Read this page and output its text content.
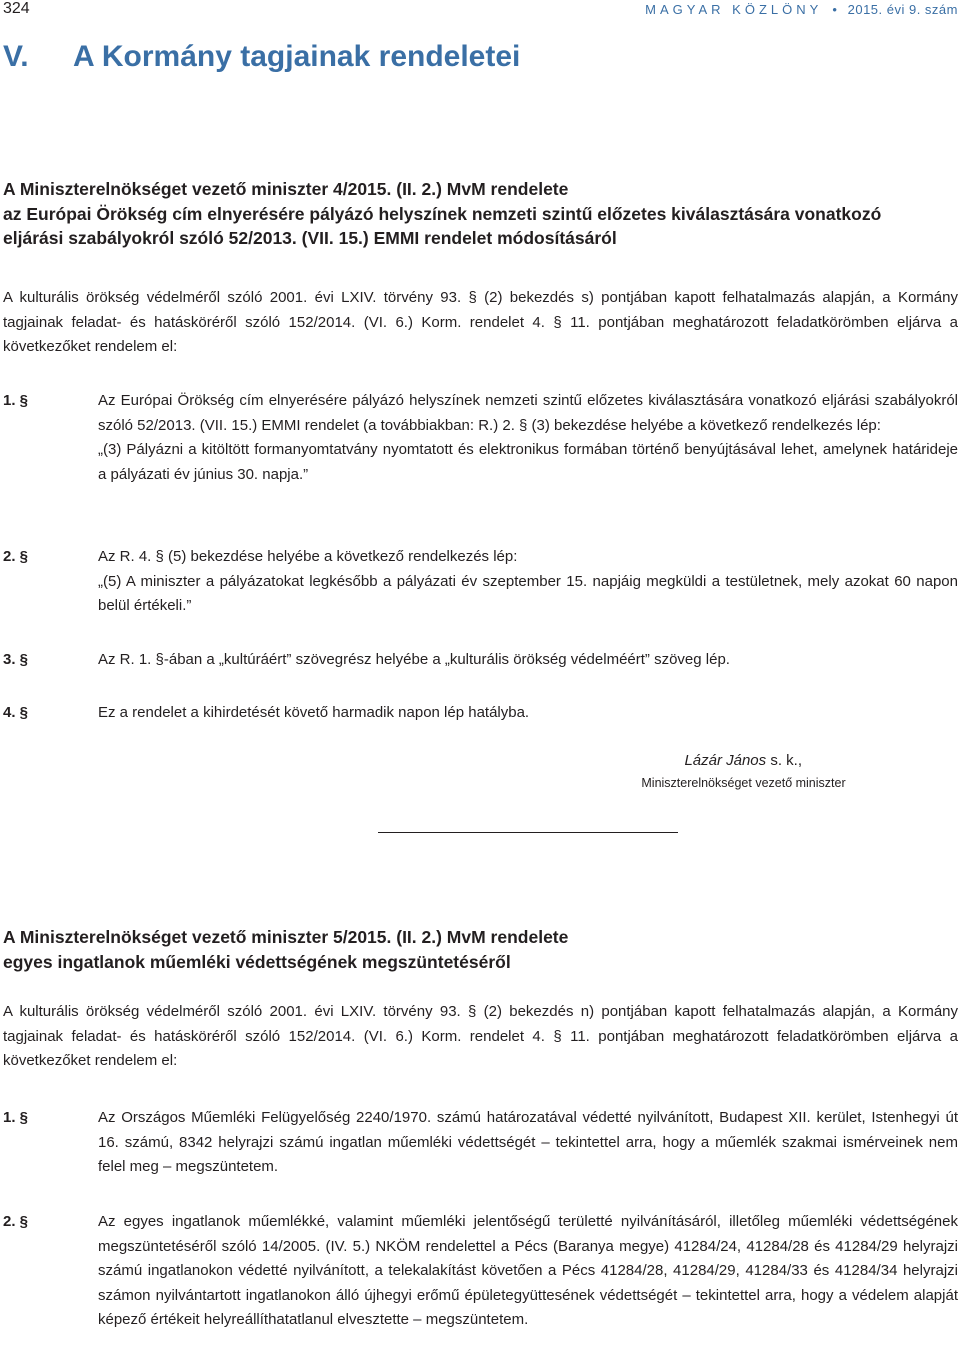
324	MAGYAR KÖZLÖNY • 2015. évi 9. szám
V. A Kormány tagjainak rendeletei
A Miniszterelnökséget vezető miniszter 4/2015. (II. 2.) MvM rendelete
az Európai Örökség cím elnyerésére pályázó helyszínek nemzeti szintű előzetes kiválasztására vonatkozó
eljárási szabályokról szóló 52/2013. (VII. 15.) EMMI rendelet módosításáról
A kulturális örökség védelméről szóló 2001. évi LXIV. törvény 93. § (2) bekezdés s) pontjában kapott felhatalmazás alapján, a Kormány tagjainak feladat- és hatásköréről szóló 152/2014. (VI. 6.) Korm. rendelet 4. § 11. pontjában meghatározott feladatkörömben eljárva a következőket rendelem el:
1. §	Az Európai Örökség cím elnyerésére pályázó helyszínek nemzeti szintű előzetes kiválasztására vonatkozó eljárási szabályokról szóló 52/2013. (VII. 15.) EMMI rendelet (a továbbiakban: R.) 2. § (3) bekezdése helyébe a következő rendelkezés lép:
„(3) Pályázni a kitöltött formanyomtatvány nyomtatott és elektronikus formában történő benyújtásával lehet, amelynek határideje a pályázati év június 30. napja.”
2. §	Az R. 4. § (5) bekezdése helyébe a következő rendelkezés lép:
„(5) A miniszter a pályázatokat legkésőbb a pályázati év szeptember 15. napjáig megküldi a testületnek, mely azokat 60 napon belül értékeli.”
3. §	Az R. 1. §-ában a „kultúráért” szövegrész helyébe a „kulturális örökség védelméért” szöveg lép.
4. §	Ez a rendelet a kihirdetését követő harmadik napon lép hatályba.
Lázár János s. k.,
Miniszterelnökséget vezető miniszter
A Miniszterelnökséget vezető miniszter 5/2015. (II. 2.) MvM rendelete
egyes ingatlanok műemléki védettségének megszüntetéséről
A kulturális örökség védelméről szóló 2001. évi LXIV. törvény 93. § (2) bekezdés n) pontjában kapott felhatalmazás alapján, a Kormány tagjainak feladat- és hatásköréről szóló 152/2014. (VI. 6.) Korm. rendelet 4. § 11. pontjában meghatározott feladatkörömben eljárva a következőket rendelem el:
1. §	Az Országos Műemléki Felügyelőség 2240/1970. számú határozatával védetté nyilvánított, Budapest XII. kerület, Istenhegyi út 16. számú, 8342 helyrajzi számú ingatlan műemléki védettségét – tekintettel arra, hogy a műemlék szakmai ismérveinek nem felel meg – megszüntetem.
2. §	Az egyes ingatlanok műemlékké, valamint műemléki jelentőségű területté nyilvánításáról, illetőleg műemléki védettségének megszüntetéséről szóló 14/2005. (IV. 5.) NKÖM rendelettel a Pécs (Baranya megye) 41284/24, 41284/28 és 41284/29 helyrajzi számú ingatlanokon védetté nyilvánított, a telekalakítást követően a Pécs 41284/28, 41284/29, 41284/33 és 41284/34 helyrajzi számon nyilvántartott ingatlanokon álló újhegyi erőmű épületegyüttesének védettségét – tekintettel arra, hogy a védelem alapját képező értékeit helyreállíthatatlanul elvesztette – megszüntetem.
